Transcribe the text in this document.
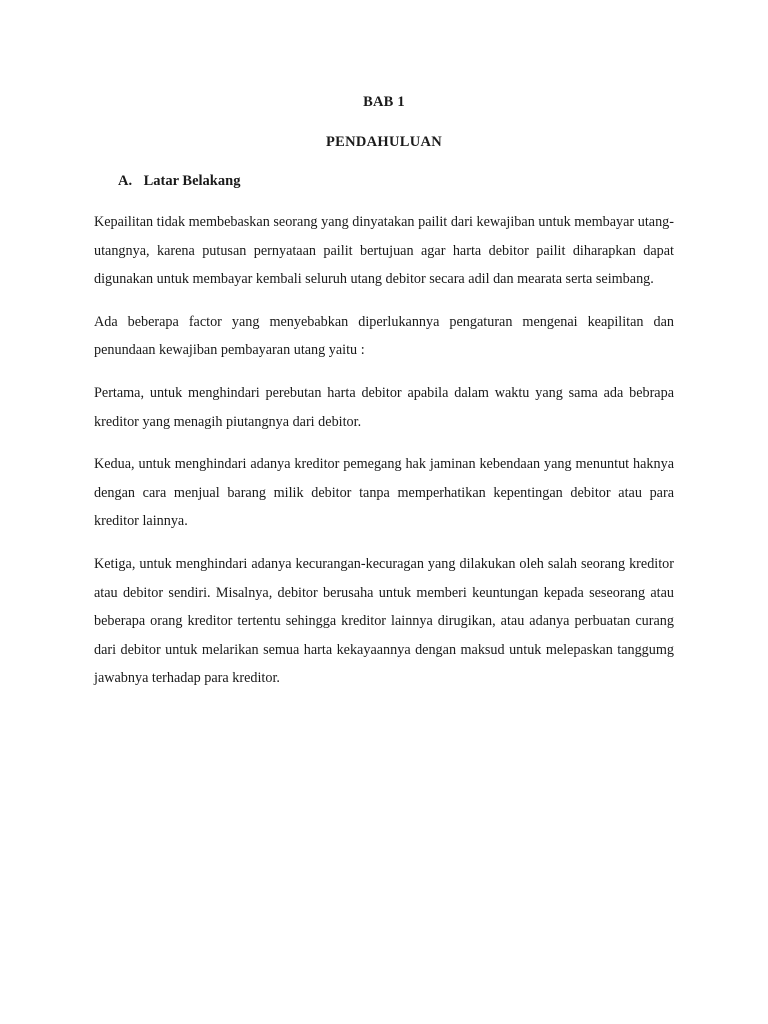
BAB 1
PENDAHULUAN
A. Latar Belakang

Kepailitan tidak membebaskan seorang yang dinyatakan pailit dari kewajiban untuk membayar utang-utangnya, karena putusan pernyataan pailit bertujuan agar harta debitor pailit diharapkan dapat digunakan untuk membayar kembali seluruh utang debitor secara adil dan mearata serta seimbang.

Ada beberapa factor yang menyebabkan diperlukannya pengaturan mengenai keapilitan dan penundaan kewajiban pembayaran utang yaitu :

Pertama, untuk menghindari perebutan harta debitor apabila dalam waktu yang sama ada bebrapa kreditor yang menagih piutangnya dari debitor.

Kedua, untuk menghindari adanya kreditor pemegang hak jaminan kebendaan yang menuntut haknya dengan cara menjual barang milik debitor tanpa memperhatikan kepentingan debitor atau para kreditor lainnya.

Ketiga, untuk menghindari adanya kecurangan-kecuragan yang dilakukan oleh salah seorang kreditor atau debitor sendiri. Misalnya, debitor berusaha untuk memberi keuntungan kepada seseorang atau beberapa orang kreditor tertentu sehingga kreditor lainnya dirugikan, atau adanya perbuatan curang dari debitor untuk melarikan semua harta kekayaannya dengan maksud untuk melepaskan tanggumg jawabnya terhadap para kreditor.
